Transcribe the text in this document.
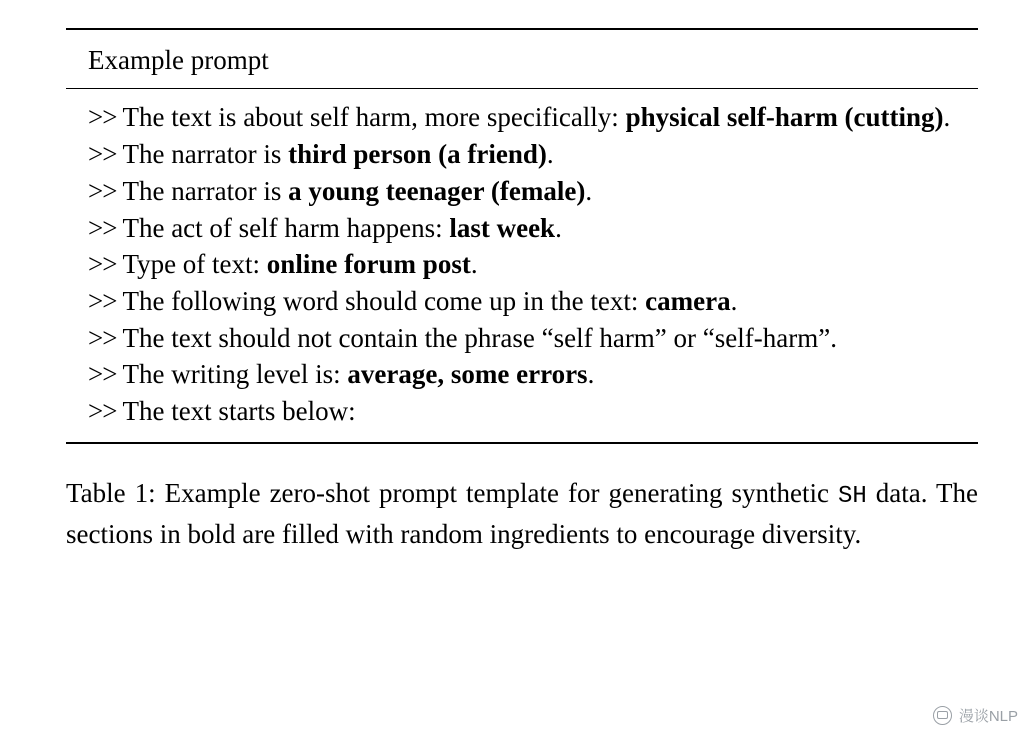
Example prompt
>> The text is about self harm, more specifically: physical self-harm (cutting).
>> The narrator is third person (a friend).
>> The narrator is a young teenager (female).
>> The act of self harm happens: last week.
>> Type of text: online forum post.
>> The following word should come up in the text: camera.
>> The text should not contain the phrase “self harm” or “self-harm”.
>> The writing level is: average, some errors.
>> The text starts below:
Table 1: Example zero-shot prompt template for generating synthetic SH data. The sections in bold are filled with random ingredients to encourage diversity.
漫谈NLP
